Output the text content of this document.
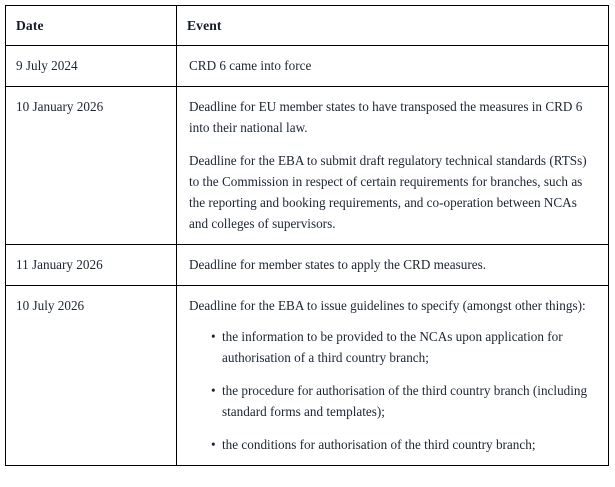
Date	Event
9 July 2024	CRD 6 came into force

10 January 2026	Deadline for EU member states to have transposed the measures in CRD 6 into their national law.

Deadline for the EBA to submit draft regulatory technical standards (RTSs) to the Commission in respect of certain requirements for branches, such as the reporting and booking requirements, and co-operation between NCAs and colleges of supervisors.

11 January 2026	Deadline for member states to apply the CRD measures.

10 July 2026	Deadline for the EBA to issue guidelines to specify (amongst other things):

• the information to be provided to the NCAs upon application for authorisation of a third country branch;
• the procedure for authorisation of the third country branch (including standard forms and templates);
• the conditions for authorisation of the third country branch;
